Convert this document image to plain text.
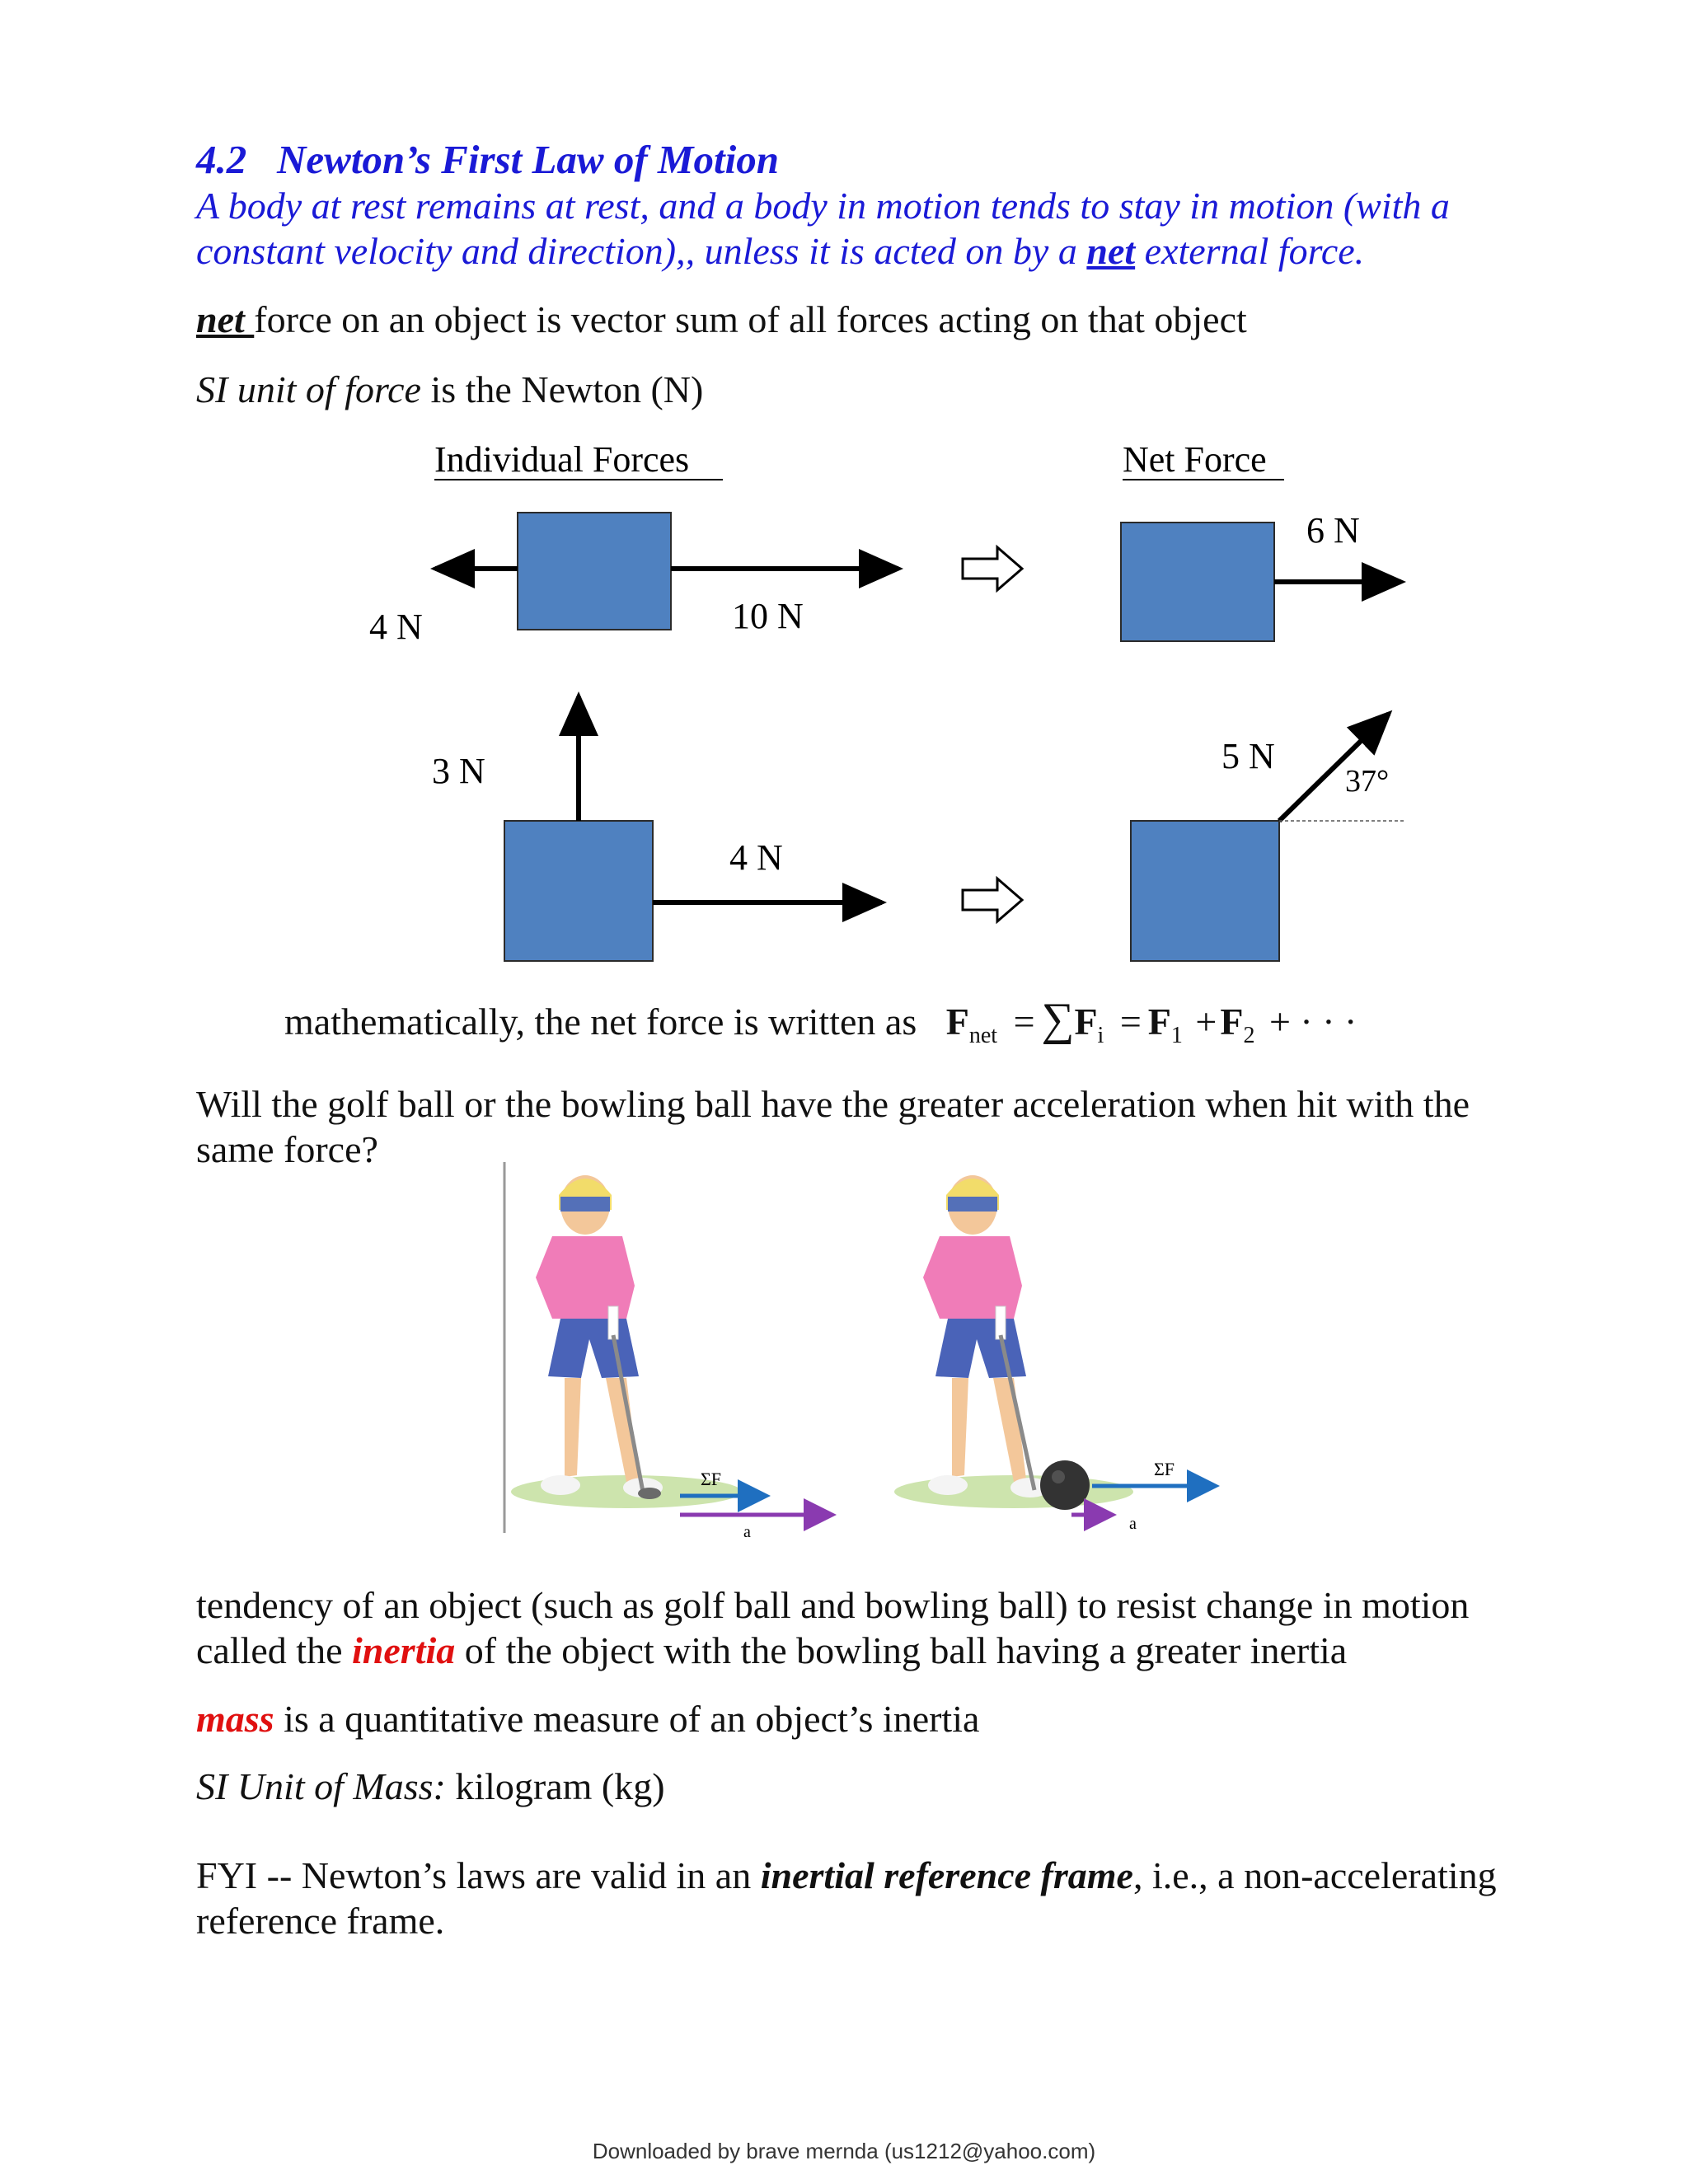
4.2 Newton’s First Law of Motion
A body at rest remains at rest, and a body in motion tends to stay in motion (with a
constant velocity and direction),, unless it is acted on by a net external force.
net force on an object is vector sum of all forces acting on that object
SI unit of force is the Newton (N)
Individual Forces	Net Force
4 N	10 N
6 N
3 N
4 N
5 N
37°
mathematically, the net force is written as $F_{net} = \sum F_i = F_1 +F_2$ + · · ·
Will the golf ball or the bowling ball have the greater acceleration when hit with the
same force?
ΣF
a
ΣF
a
tendency of an object (such as golf ball and bowling ball) to resist change in motion
called the inertia of the object with the bowling ball having a greater inertia
mass is a quantitative measure of an object’s inertia
SI Unit of Mass: kilogram (kg)
FYI -- Newton’s laws are valid in an inertial reference frame, i.e., a non-accelerating
reference frame.
Downloaded by brave mernda (us1212@yahoo.com)
